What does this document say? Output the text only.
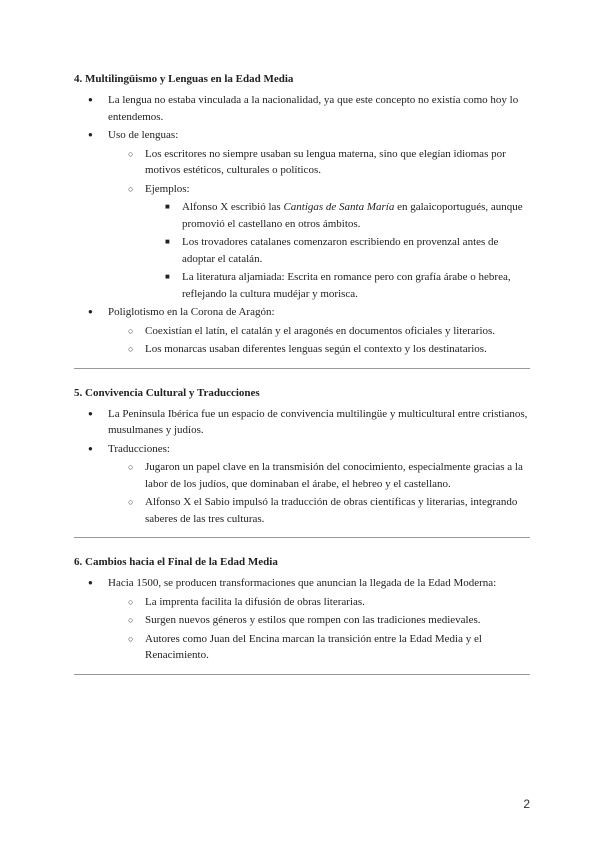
4. Multilingüismo y Lenguas en la Edad Media
● La lengua no estaba vinculada a la nacionalidad, ya que este concepto no existía como hoy lo entendemos.
● Uso de lenguas:
○ Los escritores no siempre usaban su lengua materna, sino que elegían idiomas por motivos estéticos, culturales o políticos.
○ Ejemplos:
■ Alfonso X escribió las Cantigas de Santa María en galaicoportugués, aunque promovió el castellano en otros ámbitos.
■ Los trovadores catalanes comenzaron escribiendo en provenzal antes de adoptar el catalán.
■ La literatura aljamiada: Escrita en romance pero con grafía árabe o hebrea, reflejando la cultura mudéjar y morisca.
● Poliglotismo en la Corona de Aragón:
○ Coexistían el latín, el catalán y el aragonés en documentos oficiales y literarios.
○ Los monarcas usaban diferentes lenguas según el contexto y los destinatarios.
5. Convivencia Cultural y Traducciones
● La Península Ibérica fue un espacio de convivencia multilingüe y multicultural entre cristianos, musulmanes y judíos.
● Traducciones:
○ Jugaron un papel clave en la transmisión del conocimiento, especialmente gracias a la labor de los judíos, que dominaban el árabe, el hebreo y el castellano.
○ Alfonso X el Sabio impulsó la traducción de obras científicas y literarias, integrando saberes de las tres culturas.
6. Cambios hacia el Final de la Edad Media
● Hacia 1500, se producen transformaciones que anuncian la llegada de la Edad Moderna:
○ La imprenta facilita la difusión de obras literarias.
○ Surgen nuevos géneros y estilos que rompen con las tradiciones medievales.
○ Autores como Juan del Encina marcan la transición entre la Edad Media y el Renacimiento.
2
